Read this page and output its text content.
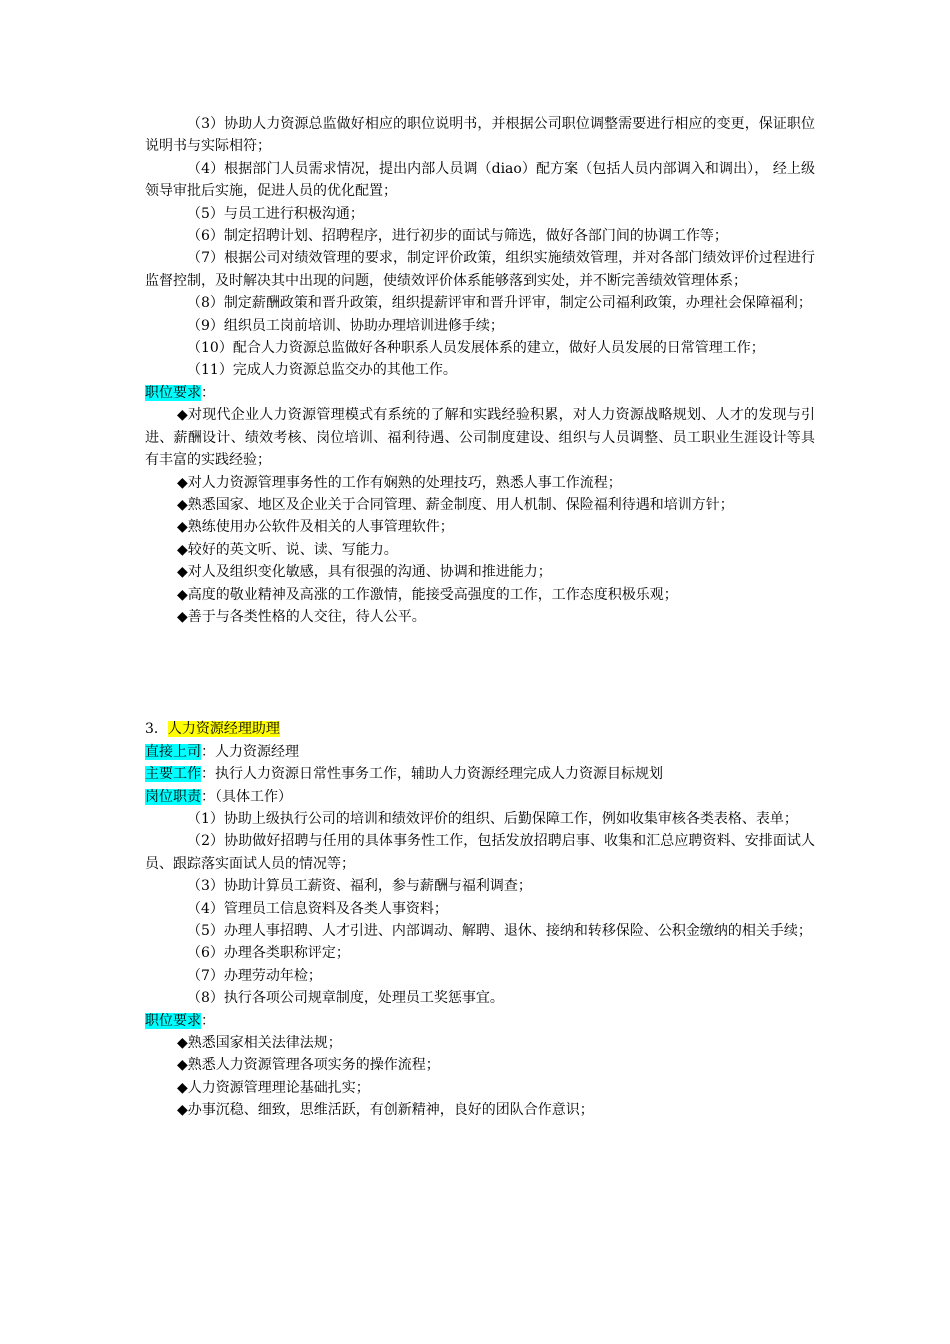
（3）协助人力资源总监做好相应的职位说明书，并根据公司职位调整需要进行相应的变更，保证职位说明书与实际相符；

（4）根据部门人员需求情况，提出内部人员调（diao）配方案（包括人员内部调入和调出）， 经上级领导审批后实施，促进人员的优化配置；

（5）与员工进行积极沟通；

（6）制定招聘计划、招聘程序，进行初步的面试与筛选，做好各部门间的协调工作等；

（7）根据公司对绩效管理的要求，制定评价政策，组织实施绩效管理，并对各部门绩效评价过程进行监督控制，及时解决其中出现的问题，使绩效评价体系能够落到实处，并不断完善绩效管理体系；

（8）制定薪酬政策和晋升政策，组织提薪评审和晋升评审，制定公司福利政策，办理社会保障福利；

（9）组织员工岗前培训、协助办理培训进修手续；

（10）配合人力资源总监做好各种职系人员发展体系的建立，做好人员发展的日常管理工作；

（11）完成人力资源总监交办的其他工作。

职位要求：

◆对现代企业人力资源管理模式有系统的了解和实践经验积累，对人力资源战略规划、人才的发现与引进、薪酬设计、绩效考核、岗位培训、福利待遇、公司制度建设、组织与人员调整、员工职业生涯设计等具有丰富的实践经验；

◆对人力资源管理事务性的工作有娴熟的处理技巧，熟悉人事工作流程；

◆熟悉国家、地区及企业关于合同管理、薪金制度、用人机制、保险福利待遇和培训方针；

◆熟练使用办公软件及相关的人事管理软件；

◆较好的英文听、说、读、写能力。

◆对人及组织变化敏感，具有很强的沟通、协调和推进能力；

◆高度的敬业精神及高涨的工作激情，能接受高强度的工作，工作态度积极乐观；

◆善于与各类性格的人交往，待人公平。

3．人力资源经理助理

直接上司：人力资源经理

主要工作：执行人力资源日常性事务工作，辅助人力资源经理完成人力资源目标规划

岗位职责：（具体工作）

（1）协助上级执行公司的培训和绩效评价的组织、后勤保障工作，例如收集审核各类表格、表单；

（2）协助做好招聘与任用的具体事务性工作，包括发放招聘启事、收集和汇总应聘资料、安排面试人员、跟踪落实面试人员的情况等；

（3）协助计算员工薪资、福利，参与薪酬与福利调查；

（4）管理员工信息资料及各类人事资料；

（5）办理人事招聘、人才引进、内部调动、解聘、退休、接纳和转移保险、公积金缴纳的相关手续；

（6）办理各类职称评定；

（7）办理劳动年检；

（8）执行各项公司规章制度，处理员工奖惩事宜。

职位要求：

◆熟悉国家相关法律法规；

◆熟悉人力资源管理各项实务的操作流程；

◆人力资源管理理论基础扎实；

◆办事沉稳、细致，思维活跃，有创新精神，良好的团队合作意识；
